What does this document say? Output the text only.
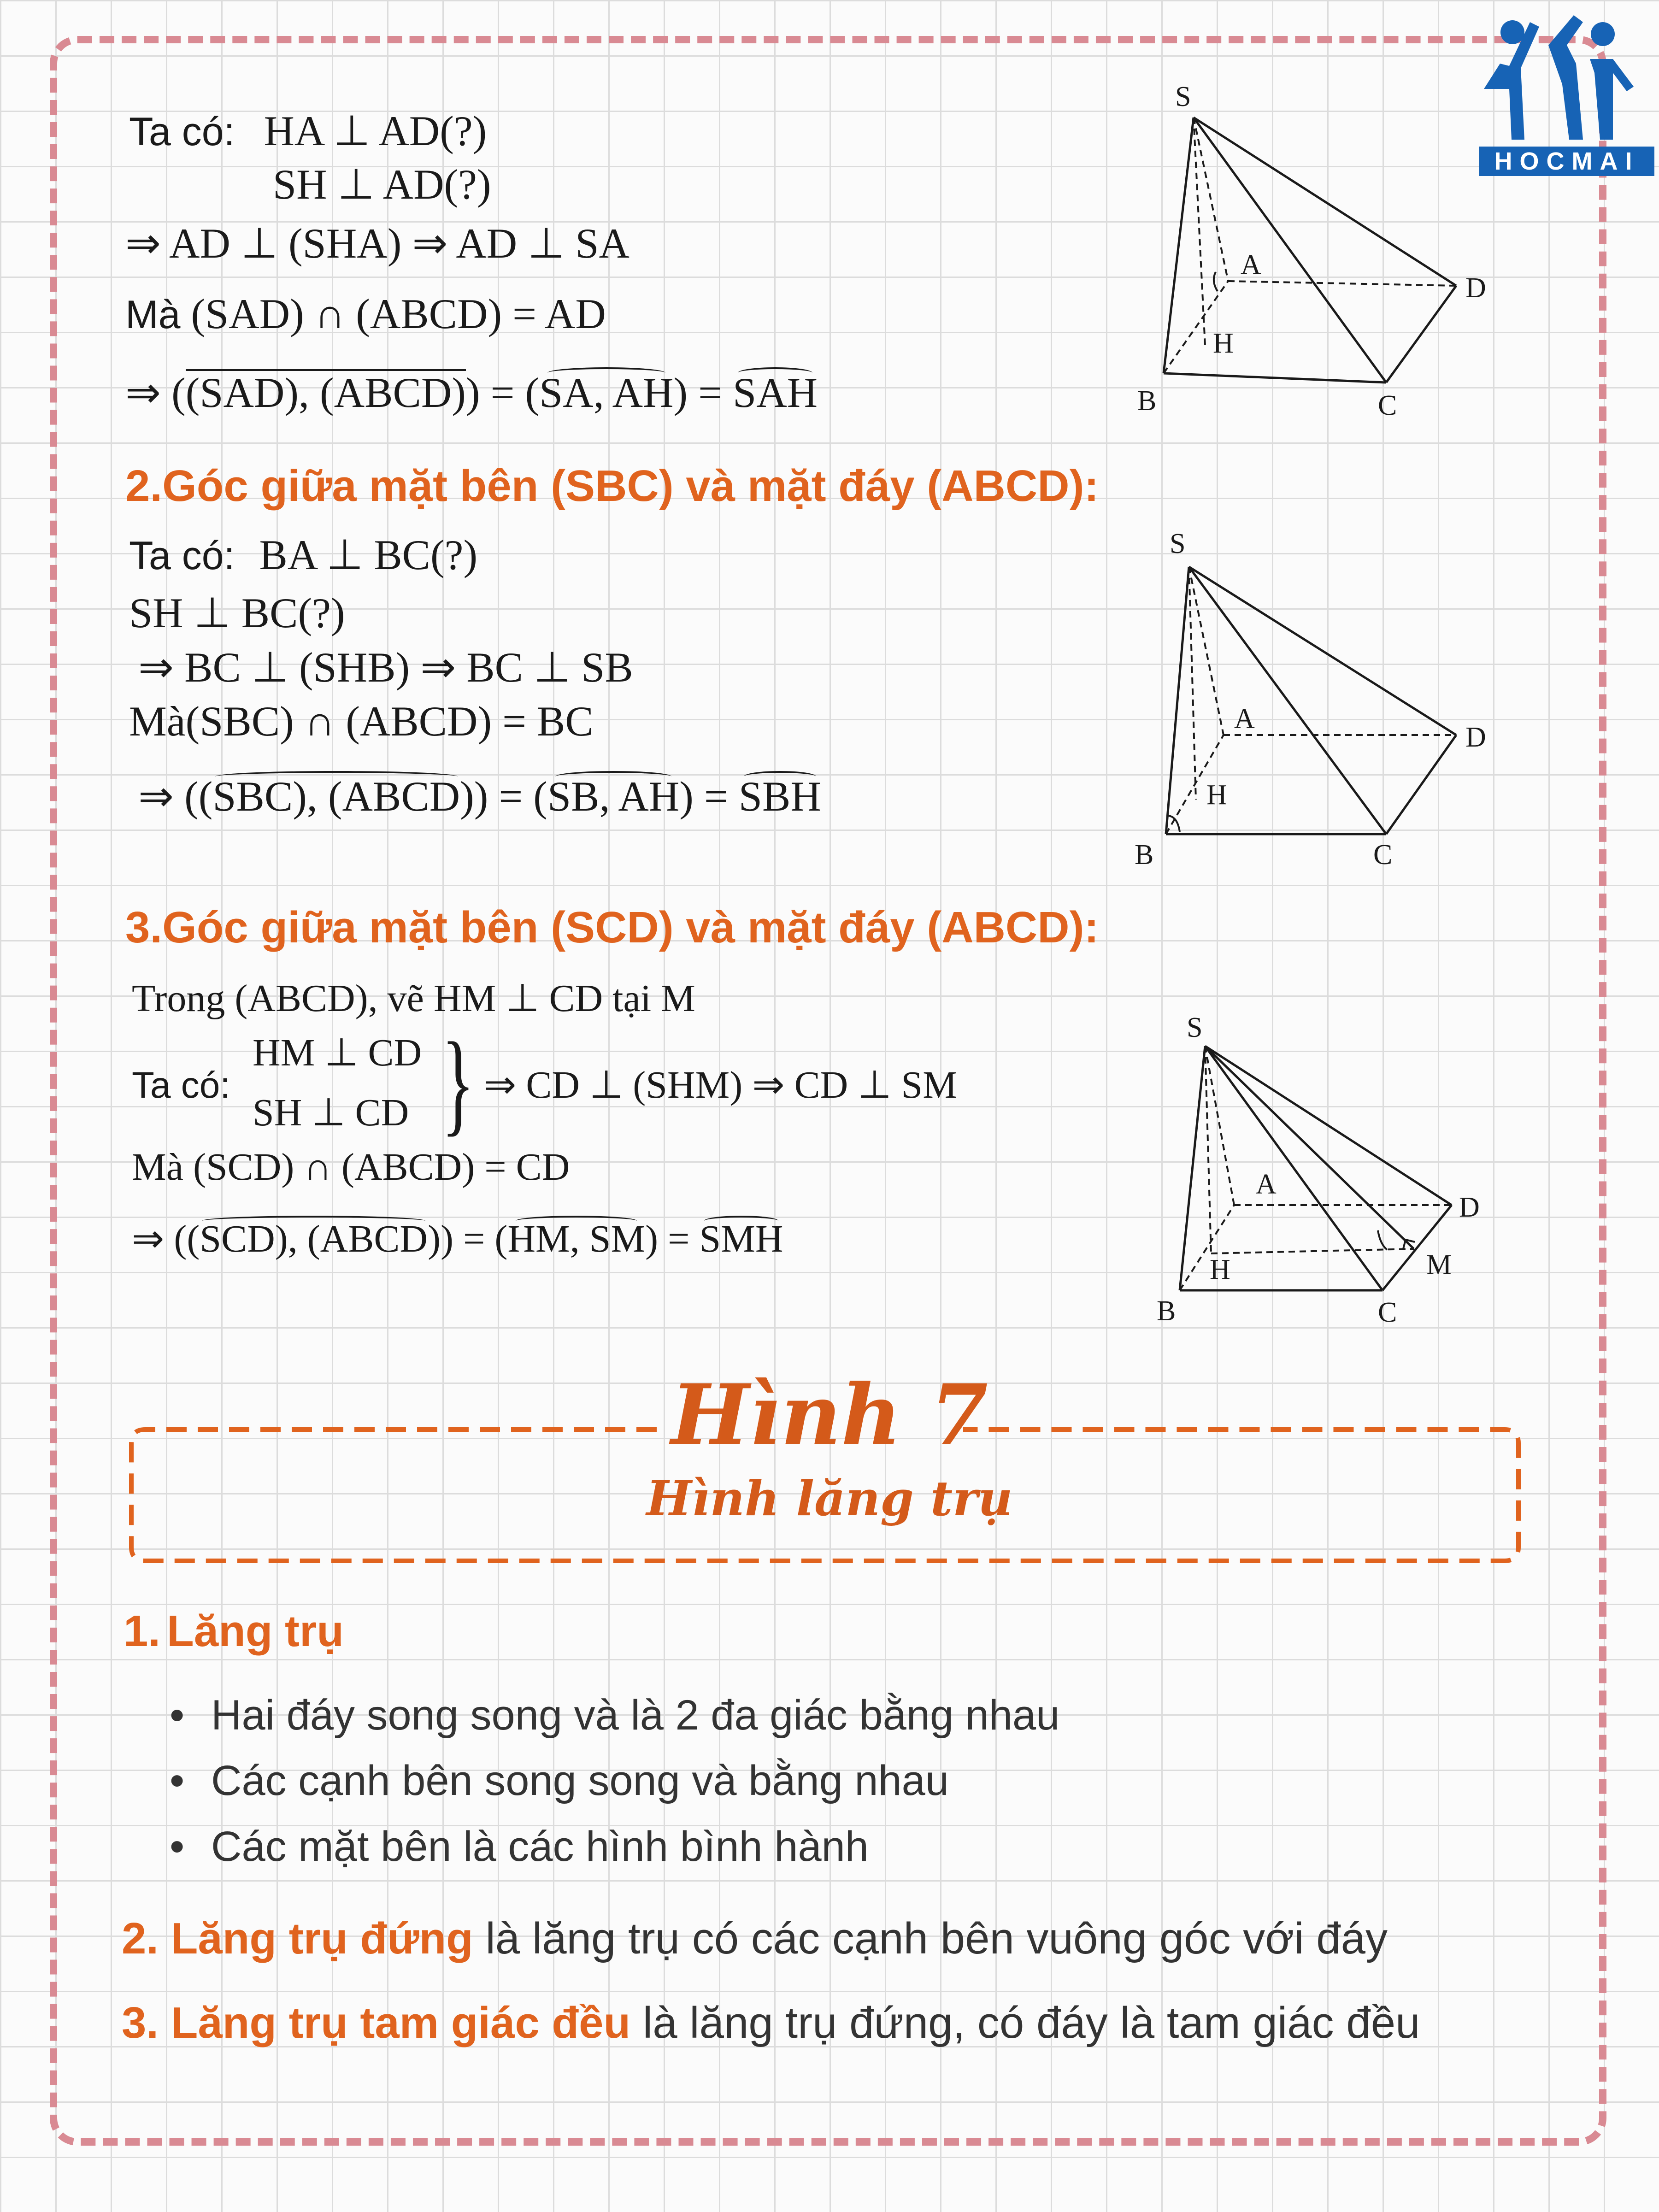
HOCMAI
Ta có: HA ⊥ AD(?)
SH ⊥ AD(?)
⇒ AD ⊥ (SHA) ⇒ AD ⊥ SA
Mà (SAD) ∩ (ABCD) = AD
⇒ ((SAD), (ABCD)) = (SA, AH) = SAH
S
A
D
H
B	C
2.Góc giữa mặt bên (SBC) và mặt đáy (ABCD):
Ta có: BA ⊥ BC(?)
SH ⊥ BC(?)
⇒ BC ⊥ (SHB) ⇒ BC ⊥ SB
Mà(SBC) ∩ (ABCD) = BC
⇒ ((SBC), (ABCD)) = (SB, AH) = SBH
S
A
D
H
B	C
3.Góc giữa mặt bên (SCD) và mặt đáy (ABCD):
Trong (ABCD), vẽ HM ⊥ CD tại M
Ta có:
HM ⊥ CD
SH ⊥ CD } ⇒ CD ⊥ (SHM) ⇒ CD ⊥ SM
Mà (SCD) ∩ (ABCD) = CD
⇒ ((SCD), (ABCD)) = (HM, SM) = SMH
S
A
D
H	M
B	C
Hình 7
Hình lăng trụ
1. Lăng trụ
• Hai đáy song song và là 2 đa giác bằng nhau
• Các cạnh bên song song và bằng nhau
• Các mặt bên là các hình bình hành
2. Lăng trụ đứng là lăng trụ có các cạnh bên vuông góc với đáy
3. Lăng trụ tam giác đều là lăng trụ đứng, có đáy là tam giác đều
